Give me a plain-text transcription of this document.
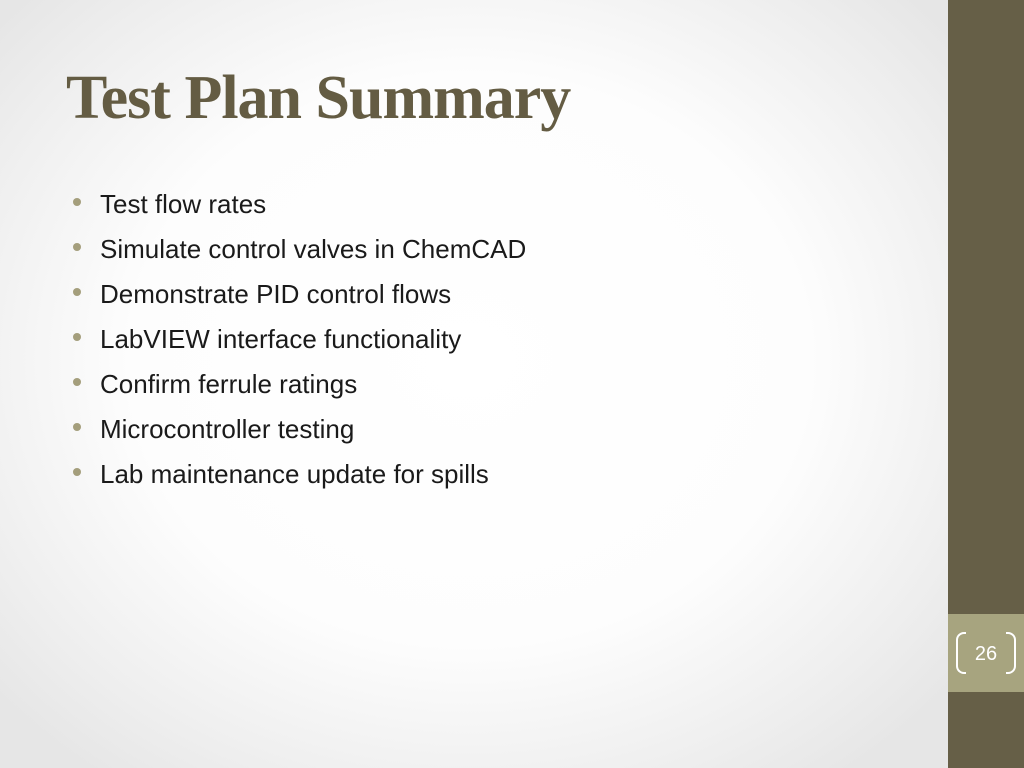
Test Plan Summary
Test flow rates
Simulate control valves in ChemCAD
Demonstrate PID control flows
LabVIEW interface functionality
Confirm ferrule ratings
Microcontroller testing
Lab maintenance update for spills
26
